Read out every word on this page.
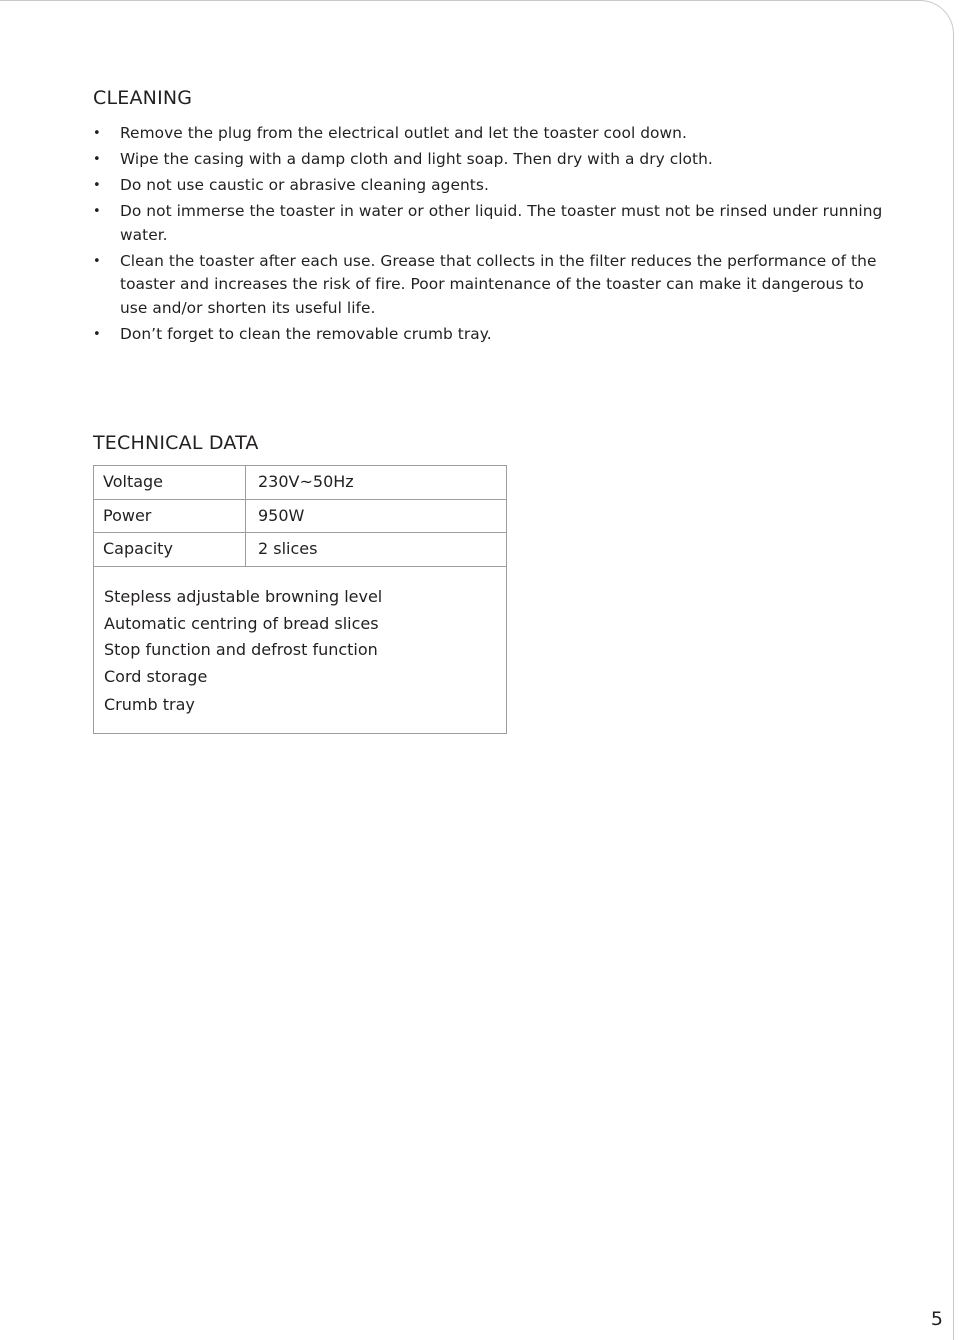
CLEANING
• Remove the plug from the electrical outlet and let the toaster cool down.
• Wipe the casing with a damp cloth and light soap. Then dry with a dry cloth.
• Do not use caustic or abrasive cleaning agents.
• Do not immerse the toaster in water or other liquid. The toaster must not be rinsed under running water.
• Clean the toaster after each use. Grease that collects in the filter reduces the performance of the toaster and increases the risk of fire. Poor maintenance of the toaster can make it dangerous to use and/or shorten its useful life.
• Don’t forget to clean the removable crumb tray.
TECHNICAL DATA
Voltage	230V~50Hz
Power	950W
Capacity	2 slices
Stepless adjustable browning level
Automatic centring of bread slices
Stop function and defrost function
Cord storage
Crumb tray
5
